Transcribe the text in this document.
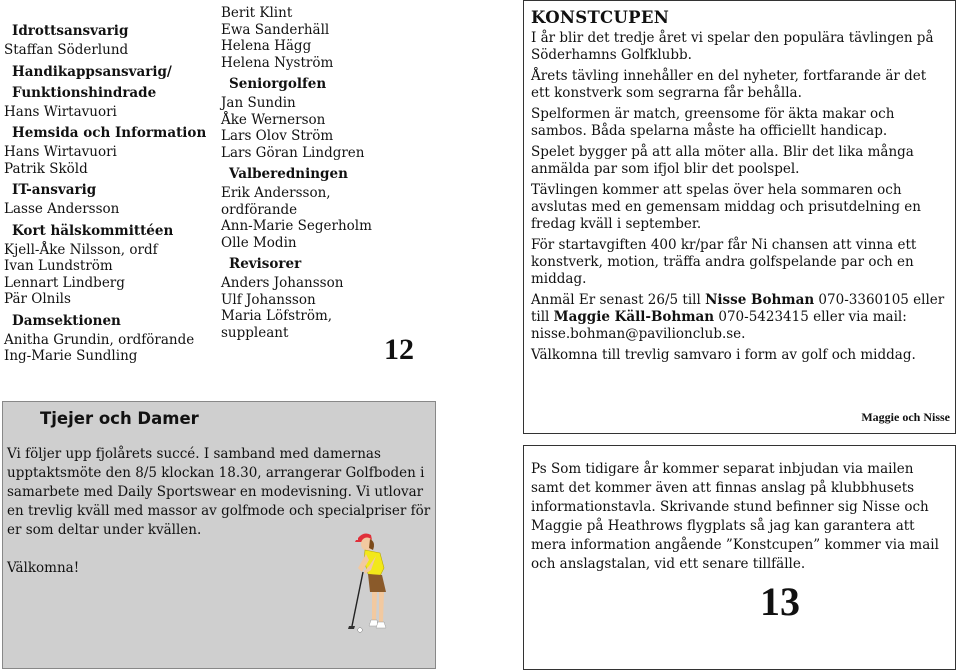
Idrottsansvarig
Staffan Söderlund
Handikappsansvarig/
Funktionshindrade
Hans Wirtavuori
Hemsida och Information
Hans Wirtavuori
Patrik Sköld
IT-ansvarig
Lasse Andersson
Kort hälskommittéen
Kjell-Åke Nilsson, ordf
Ivan Lundström
Lennart Lindberg
Pär Olnils
Damsektionen
Anitha Grundin, ordförande
Ing-Marie Sundling
Berit Klint
Ewa Sanderhäll
Helena Hägg
Helena Nyström
Seniorgolfen
Jan Sundin
Åke Wernerson
Lars Olov Ström
Lars Göran Lindgren
Valberedningen
Erik Andersson, ordförande
Ann-Marie Segerholm
Olle Modin
Revisorer
Anders Johansson
Ulf Johansson
Maria Löfström,
suppleant
12
KONSTCUPEN

I år blir det tredje året vi spelar den populära tävlingen på Söderhamns Golfklubb.

Årets tävling innehåller en del nyheter, fortfarande är det ett konstverk som segrarna får behålla.

Spelformen är match, greensome för äkta makar och sambos. Båda spelarna måste ha officiellt handicap.

Spelet bygger på att alla möter alla. Blir det lika många anmälda par som ifjol blir det poolspel.

Tävlingen kommer att spelas över hela sommaren och avslutas med en gemensam middag och prisutdelning en fredag kväll i september.

För startavgiften 400 kr/par får Ni chansen att vinna ett konstverk, motion, träffa andra golfspelande par och en middag.

Anmäl Er senast 26/5 till Nisse Bohman 070-3360105 eller till Maggie Käll-Bohman 070-5423415 eller via mail: nisse.bohman@pavilionclub.se.

Välkomna till trevlig samvaro i form av golf och middag.

Maggie och Nisse
Tjejer och Damer

Vi följer upp fjolårets succé. I samband med damernas upptaktsmöte den 8/5 klockan 18.30, arrangerar Golfboden i samarbete med Daily Sportswear en modevisning. Vi utlovar en trevlig kväll med massor av golfmode och specialpriser för er som deltar under kvällen.

Välkomna!

Ps Som tidigare år kommer separat inbjudan via mailen samt det kommer även att finnas anslag på klubbhusets informationstavla. Skrivande stund befinner sig Nisse och Maggie på Heathrows flygplats så jag kan garantera att mera information angående ”Konstcupen” kommer via mail och anslagstalan, vid ett senare tillfälle.

13
